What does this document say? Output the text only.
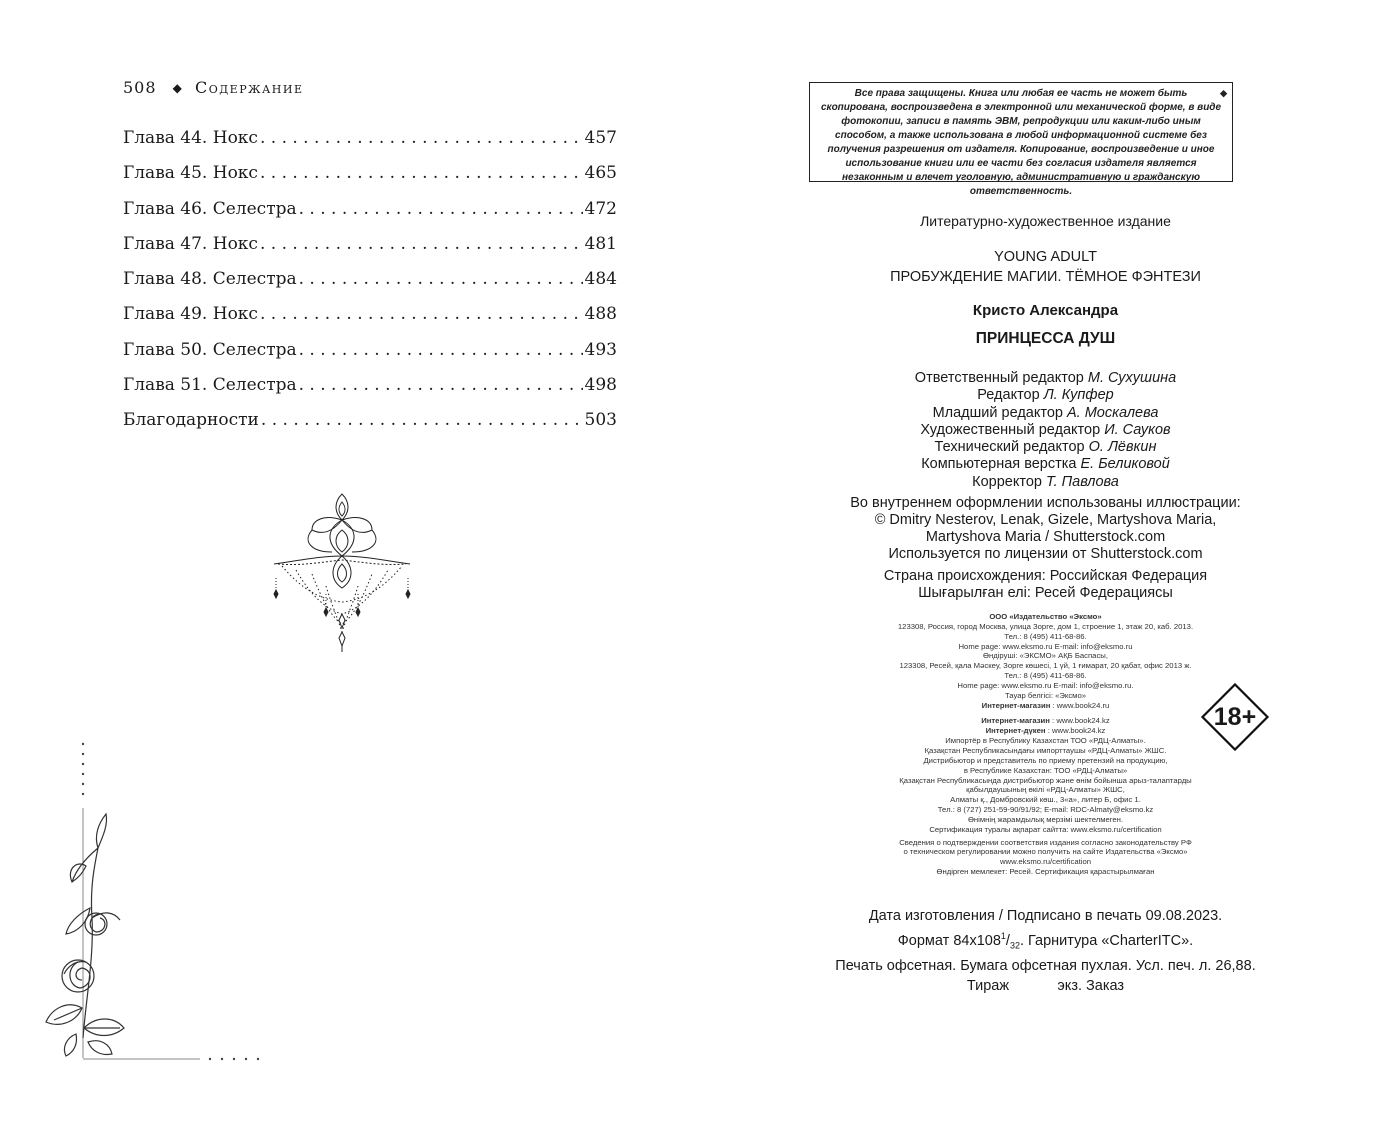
508 ◆ Содержание
Глава 44. Нокс . . .	457
Глава 45. Нокс . . .	465
Глава 46. Селестра . . .	472
Глава 47. Нокс . . .	481
Глава 48. Селестра . . .	484
Глава 49. Нокс . . .	488
Глава 50. Селестра . . .	493
Глава 51. Селестра . . .	498
Благодарности . . .	503
◆
Все права защищены. Книга или любая ее часть не может быть скопирована, воспроизведена в электронной или механической форме, в виде фотокопии, записи в память ЭВМ, репродукции или каким-либо иным способом, а также использована в любой информационной системе без получения разрешения от издателя. Копирование, воспроизведение и иное использование книги или ее части без согласия издателя является незаконным и влечет уголовную, административную и гражданскую ответственность.
Литературно-художественное издание
YOUNG ADULT
ПРОБУЖДЕНИЕ МАГИИ. ТЁМНОЕ ФЭНТЕЗИ
Кристо Александра
ПРИНЦЕССА ДУШ
Ответственный редактор М. Сухушина
Редактор Л. Купфер
Младший редактор А. Москалева
Художественный редактор И. Сауков
Технический редактор О. Лёвкин
Компьютерная верстка Е. Беликовой
Корректор Т. Павлова
Во внутреннем оформлении использованы иллюстрации:
© Dmitry Nesterov, Lenak, Gizele, Martyshova Maria,
Martyshova Maria / Shutterstock.com
Используется по лицензии от Shutterstock.com
Страна происхождения: Российская Федерация
Шығарылған елі: Ресей Федерациясы
ООО «Издательство «Эксмо»
123308, Россия, город Москва, улица Зорге, дом 1, строение 1, этаж 20, каб. 2013.
Тел.: 8 (495) 411-68-86.
Home page: www.eksmo.ru E-mail: info@eksmo.ru
Өндіруші: «ЭКСМО» АҚБ Баспасы,
123308, Ресей, қала Мәскеу, Зорге көшесі, 1 үй, 1 ғимарат, 20 қабат, офис 2013 ж.
Тел.: 8 (495) 411-68-86.
Home page: www.eksmo.ru E-mail: info@eksmo.ru.
Тауар белгісі: «Эксмо»
Интернет-магазин : www.book24.ru
Интернет-магазин : www.book24.kz
Интернет-дүкен : www.book24.kz
Импортёр в Республику Казахстан ТОО «РДЦ-Алматы».
Қазақстан Республикасындағы импорттаушы «РДЦ-Алматы» ЖШС.
Дистрибьютор и представитель по приему претензий на продукцию,
в Республике Казахстан: ТОО «РДЦ-Алматы»
Қазақстан Республикасында дистрибьютор және өнім бойынша арыз-талаптарды
қабылдаушының өкілі «РДЦ-Алматы» ЖШС,
Алматы қ., Домбровский көш., 3«а», литер Б, офис 1.
Тел.: 8 (727) 251-59-90/91/92; E-mail: RDC-Almaty@eksmo.kz
Өнімнің жарамдылық мерзімі шектелмеген.
Сертификация туралы ақпарат сайтта: www.eksmo.ru/certification
Сведения о подтверждении соответствия издания согласно законодательству РФ
о техническом регулировании можно получить на сайте Издательства «Эксмо»
www.eksmo.ru/certification
Өндірген мемлекет: Ресей. Сертификация қарастырылмаған
18+
Дата изготовления / Подписано в печать 09.08.2023.
Формат $84х108^1/_{32}$. Гарнитура «CharterITC».
Печать офсетная. Бумага офсетная пухлая. Усл. печ. л. 26,88.
Тираж            экз. Заказ
